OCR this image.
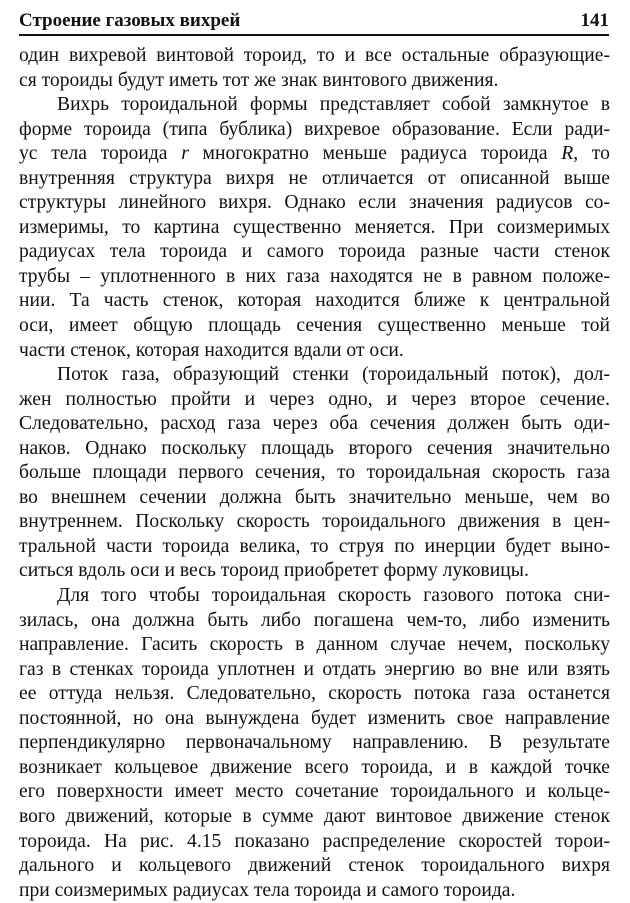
Строение газовых вихрей	141
один вихревой винтовой тороид, то и все остальные образующие-
ся тороиды будут иметь тот же знак винтового движения.
Вихрь тороидальной формы представляет собой замкнутое в
форме тороида (типа бублика) вихревое образование. Если ради-
ус тела тороида r многократно меньше радиуса тороида R, то
внутренняя структура вихря не отличается от описанной выше
структуры линейного вихря. Однако если значения радиусов со-
измеримы, то картина существенно меняется. При соизмеримых
радиусах тела тороида и самого тороида разные части стенок
трубы – уплотненного в них газа находятся не в равном положе-
нии. Та часть стенок, которая находится ближе к центральной
оси, имеет общую площадь сечения существенно меньше той
части стенок, которая находится вдали от оси.
Поток газа, образующий стенки (тороидальный поток), дол-
жен полностью пройти и через одно, и через второе сечение.
Следовательно, расход газа через оба сечения должен быть оди-
наков. Однако поскольку площадь второго сечения значительно
больше площади первого сечения, то тороидальная скорость газа
во внешнем сечении должна быть значительно меньше, чем во
внутреннем. Поскольку скорость тороидального движения в цен-
тральной части тороида велика, то струя по инерции будет выно-
ситься вдоль оси и весь тороид приобретет форму луковицы.
Для того чтобы тороидальная скорость газового потока сни-
зилась, она должна быть либо погашена чем-то, либо изменить
направление. Гасить скорость в данном случае нечем, поскольку
газ в стенках тороида уплотнен и отдать энергию во вне или взять
ее оттуда нельзя. Следовательно, скорость потока газа останется
постоянной, но она вынуждена будет изменить свое направление
перпендикулярно первоначальному направлению. В результате
возникает кольцевое движение всего тороида, и в каждой точке
его поверхности имеет место сочетание тороидального и кольце-
вого движений, которые в сумме дают винтовое движение стенок
тороида. На рис. 4.15 показано распределение скоростей торои-
дального и кольцевого движений стенок тороидального вихря
при соизмеримых радиусах тела тороида и самого тороида.
